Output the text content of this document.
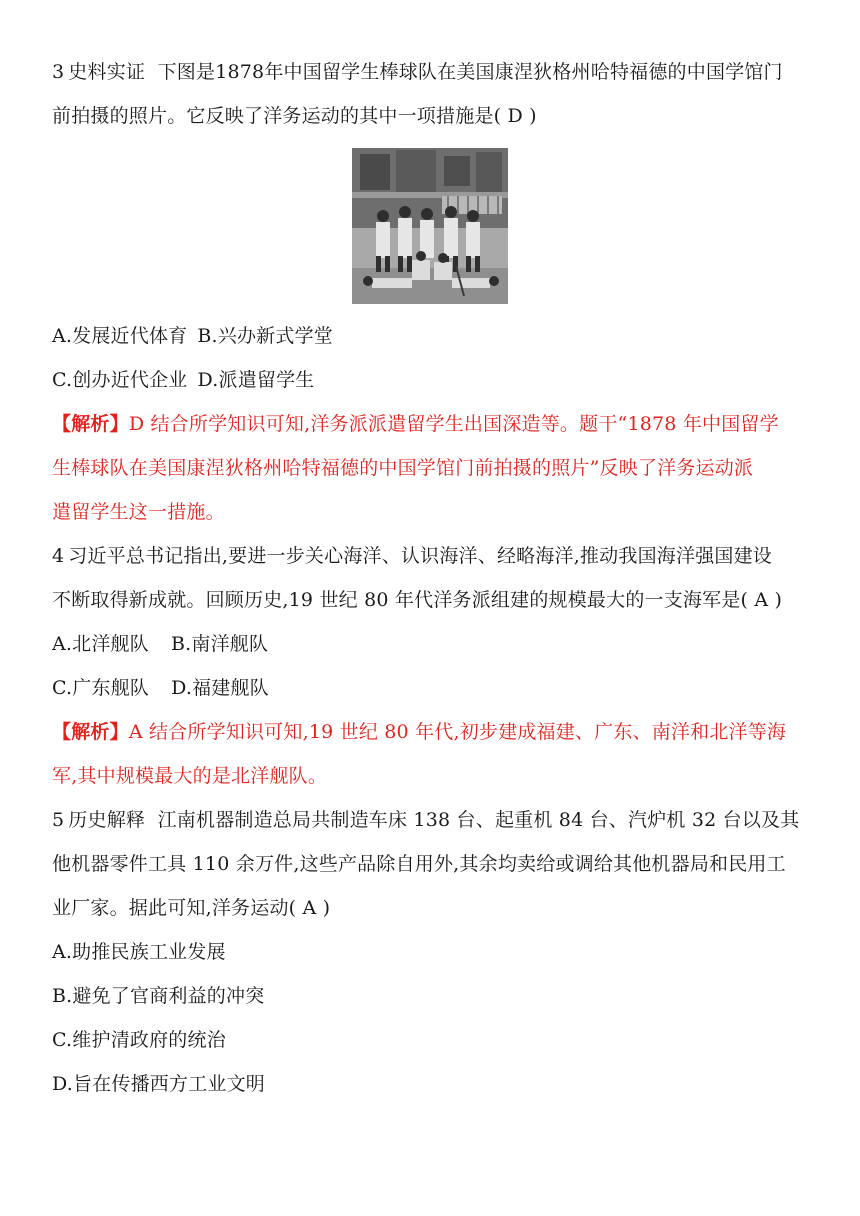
3 史料实证 下图是1878年中国留学生棒球队在美国康涅狄格州哈特福德的中国学馆门
前拍摄的照片。它反映了洋务运动的其中一项措施是( D )
A.发展近代体育 B.兴办新式学堂
C.创办近代企业 D.派遣留学生
【解析】D 结合所学知识可知,洋务派派遣留学生出国深造等。题干“1878 年中国留学
生棒球队在美国康涅狄格州哈特福德的中国学馆门前拍摄的照片”反映了洋务运动派
遣留学生这一措施。
4 习近平总书记指出,要进一步关心海洋、认识海洋、经略海洋,推动我国海洋强国建设
不断取得新成就。回顾历史,19 世纪 80 年代洋务派组建的规模最大的一支海军是( A )
A.北洋舰队 B.南洋舰队
C.广东舰队 D.福建舰队
【解析】A 结合所学知识可知,19 世纪 80 年代,初步建成福建、广东、南洋和北洋等海
军,其中规模最大的是北洋舰队。
5 历史解释 江南机器制造总局共制造车床 138 台、起重机 84 台、汽炉机 32 台以及其
他机器零件工具 110 余万件,这些产品除自用外,其余均卖给或调给其他机器局和民用工
业厂家。据此可知,洋务运动( A )
A.助推民族工业发展
B.避免了官商利益的冲突
C.维护清政府的统治
D.旨在传播西方工业文明
